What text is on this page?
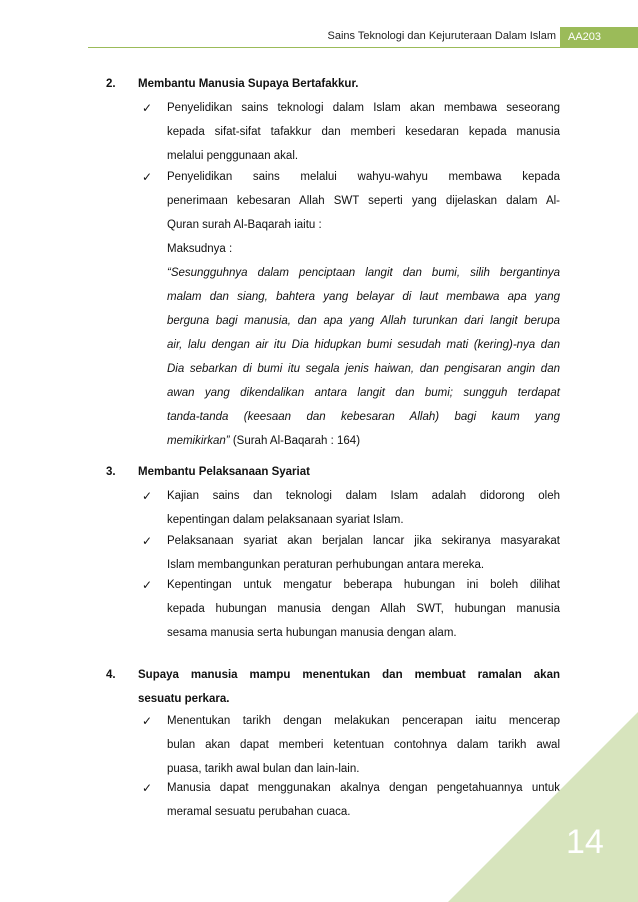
Sains Teknologi dan Kejuruteraan Dalam Islam	AA203
2. Membantu Manusia Supaya Bertafakkur.
✓ Penyelidikan sains teknologi dalam Islam akan membawa seseorang
kepada sifat-sifat tafakkur dan memberi kesedaran kepada manusia
melalui penggunaan akal.
✓ Penyelidikan sains melalui wahyu-wahyu membawa kepada
penerimaan kebesaran Allah SWT seperti yang dijelaskan dalam Al-
Quran surah Al-Baqarah iaitu :
Maksudnya :
“Sesungguhnya dalam penciptaan langit dan bumi, silih bergantinya
malam dan siang, bahtera yang belayar di laut membawa apa yang
berguna bagi manusia, dan apa yang Allah turunkan dari langit berupa
air, lalu dengan air itu Dia hidupkan bumi sesudah mati (kering)-nya dan
Dia sebarkan di bumi itu segala jenis haiwan, dan pengisaran angin dan
awan yang dikendalikan antara langit dan bumi; sungguh terdapat
tanda-tanda (keesaan dan kebesaran Allah) bagi kaum yang
memikirkan” (Surah Al-Baqarah : 164)
3. Membantu Pelaksanaan Syariat
✓ Kajian sains dan teknologi dalam Islam adalah didorong oleh
kepentingan dalam pelaksanaan syariat Islam.
✓ Pelaksanaan syariat akan berjalan lancar jika sekiranya masyarakat
Islam membangunkan peraturan perhubungan antara mereka.
✓ Kepentingan untuk mengatur beberapa hubungan ini boleh dilihat
kepada hubungan manusia dengan Allah SWT, hubungan manusia
sesama manusia serta hubungan manusia dengan alam.
4. Supaya manusia mampu menentukan dan membuat ramalan akan
sesuatu perkara.
✓ Menentukan tarikh dengan melakukan pencerapan iaitu mencerap
bulan akan dapat memberi ketentuan contohnya dalam tarikh awal
puasa, tarikh awal bulan dan lain-lain.
✓ Manusia dapat menggunakan akalnya dengan pengetahuannya untuk
meramal sesuatu perubahan cuaca.
14
